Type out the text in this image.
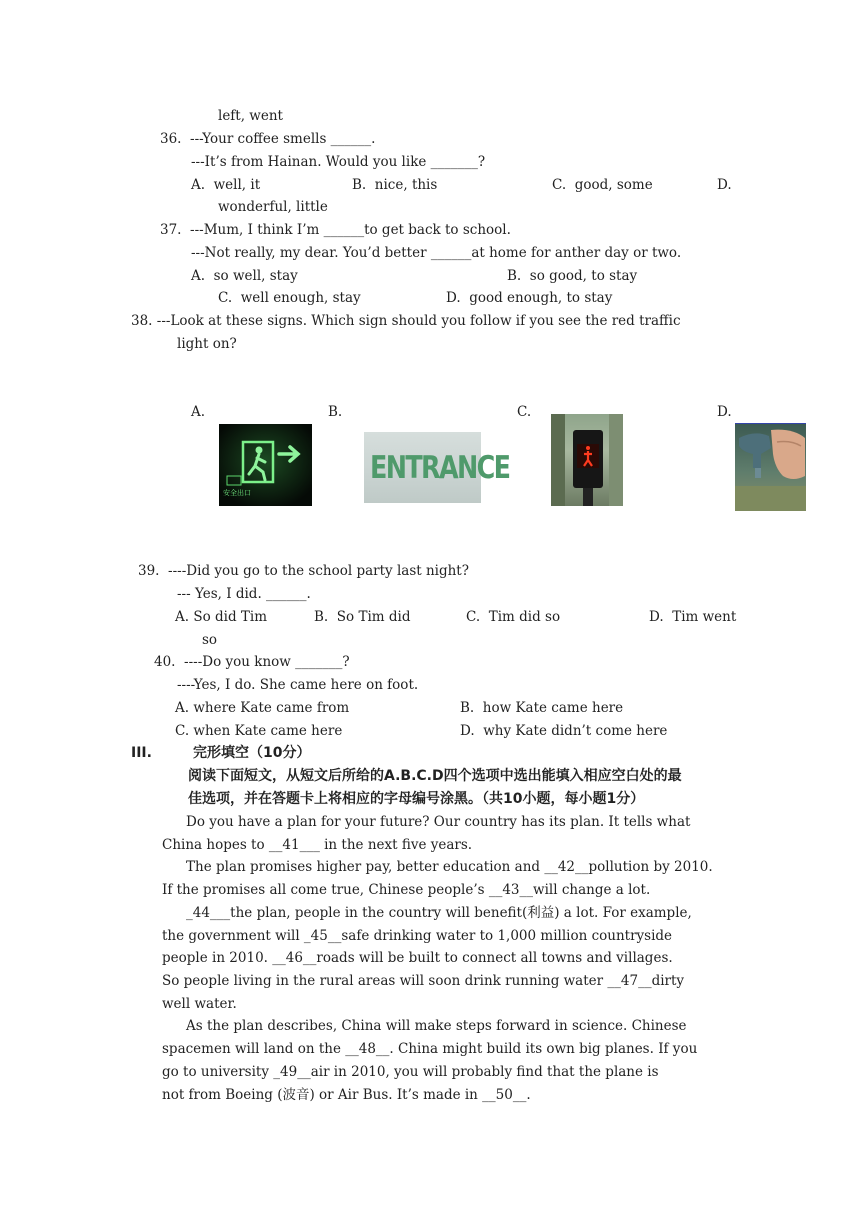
left, went
36.  ---Your coffee smells ______.
---It’s from Hainan. Would you like _______?
A.  well, it	B.  nice, this	C.  good, some	D.
wonderful, little
37.  ---Mum, I think I’m ______to get back to school.
---Not really, my dear. You’d better ______at home for anther day or two.
A.  so well, stay	B.  so good, to stay
C.  well enough, stay	D.  good enough, to stay
38. ---Look at these signs. Which sign should you follow if you see the red traffic
light on?
A.	B.	C.	D.
安全出口
ENTRANCE
39.  ----Did you go to the school party last night?
--- Yes, I did. ______.
A. So did Tim	B.  So Tim did	C.  Tim did so	D.  Tim went
so
40.  ----Do you know _______?
----Yes, I do. She came here on foot.
A. where Kate came from	B.  how Kate came here
C. when Kate came here	D.  why Kate didn’t come here
III.	完形填空（10分）
阅读下面短文，从短文后所给的A.B.C.D四个选项中选出能填入相应空白处的最
佳选项，并在答题卡上将相应的字母编号涂黑。（共10小题，每小题1分）
Do you have a plan for your future? Our country has its plan. It tells what
China hopes to __41___ in the next five years.
The plan promises higher pay, better education and __42__pollution by 2010.
If the promises all come true, Chinese people’s __43__will change a lot.
_44___the plan, people in the country will benefit(利益) a lot. For example,
the government will _45__safe drinking water to 1,000 million countryside
people in 2010. __46__roads will be built to connect all towns and villages.
So people living in the rural areas will soon drink running water __47__dirty
well water.
As the plan describes, China will make steps forward in science. Chinese
spacemen will land on the __48__. China might build its own big planes. If you
go to university _49__air in 2010, you will probably find that the plane is
not from Boeing (波音) or Air Bus. It’s made in __50__.
